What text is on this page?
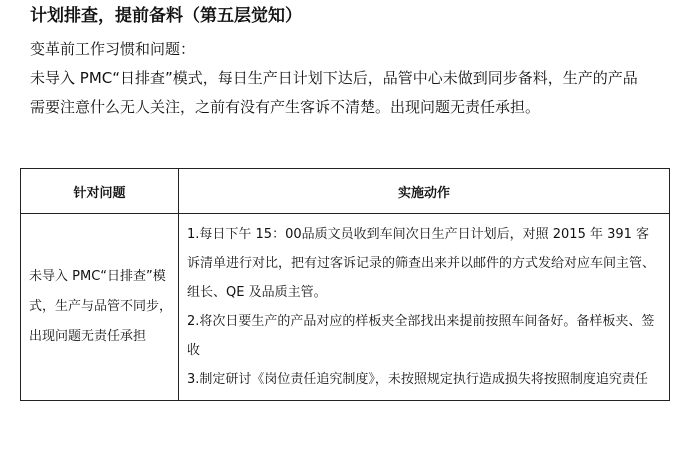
计划排查，提前备料（第五层觉知）

变革前工作习惯和问题：

未导入 PMC“日排查”模式，每日生产日计划下达后，品管中心未做到同步备料，生产的产品需要注意什么无人关注，之前有没有产生客诉不清楚。出现问题无责任承担。

针对问题	实施动作
未导入 PMC“日排查”模式，生产与品管不同步，出现问题无责任承担	1.每日下午 15：00品质文员收到车间次日生产日计划后，对照 2015 年 391 客诉清单进行对比，把有过客诉记录的筛查出来并以邮件的方式发给对应车间主管、组长、QE 及品质主管。

2.将次日要生产的产品对应的样板夹全部找出来提前按照车间备好。备样板夹、签收

3.制定研讨《岗位责任追究制度》，未按照规定执行造成损失将按照制度追究责任
